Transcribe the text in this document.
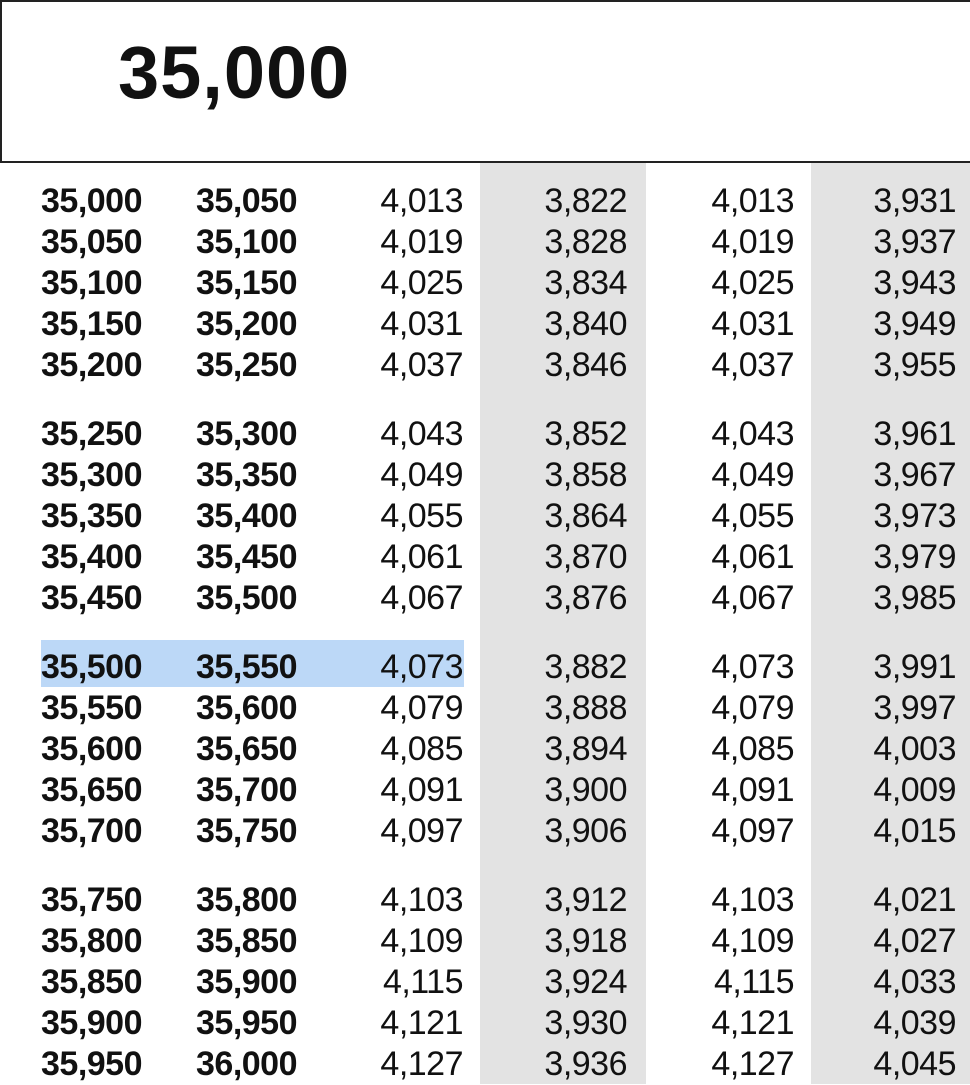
35,000
35,000 35,050 4,013 3,822 4,013 3,931
35,050 35,100 4,019 3,828 4,019 3,937
35,100 35,150 4,025 3,834 4,025 3,943
35,150 35,200 4,031 3,840 4,031 3,949
35,200 35,250 4,037 3,846 4,037 3,955
35,250 35,300 4,043 3,852 4,043 3,961
35,300 35,350 4,049 3,858 4,049 3,967
35,350 35,400 4,055 3,864 4,055 3,973
35,400 35,450 4,061 3,870 4,061 3,979
35,450 35,500 4,067 3,876 4,067 3,985
35,500 35,550 4,073 3,882 4,073 3,991
35,550 35,600 4,079 3,888 4,079 3,997
35,600 35,650 4,085 3,894 4,085 4,003
35,650 35,700 4,091 3,900 4,091 4,009
35,700 35,750 4,097 3,906 4,097 4,015
35,750 35,800 4,103 3,912 4,103 4,021
35,800 35,850 4,109 3,918 4,109 4,027
35,850 35,900	4,115 3,924	4,115 4,033
35,900 35,950 4,121 3,930 4,121 4,039
35,950 36,000 4,127 3,936 4,127 4,045
